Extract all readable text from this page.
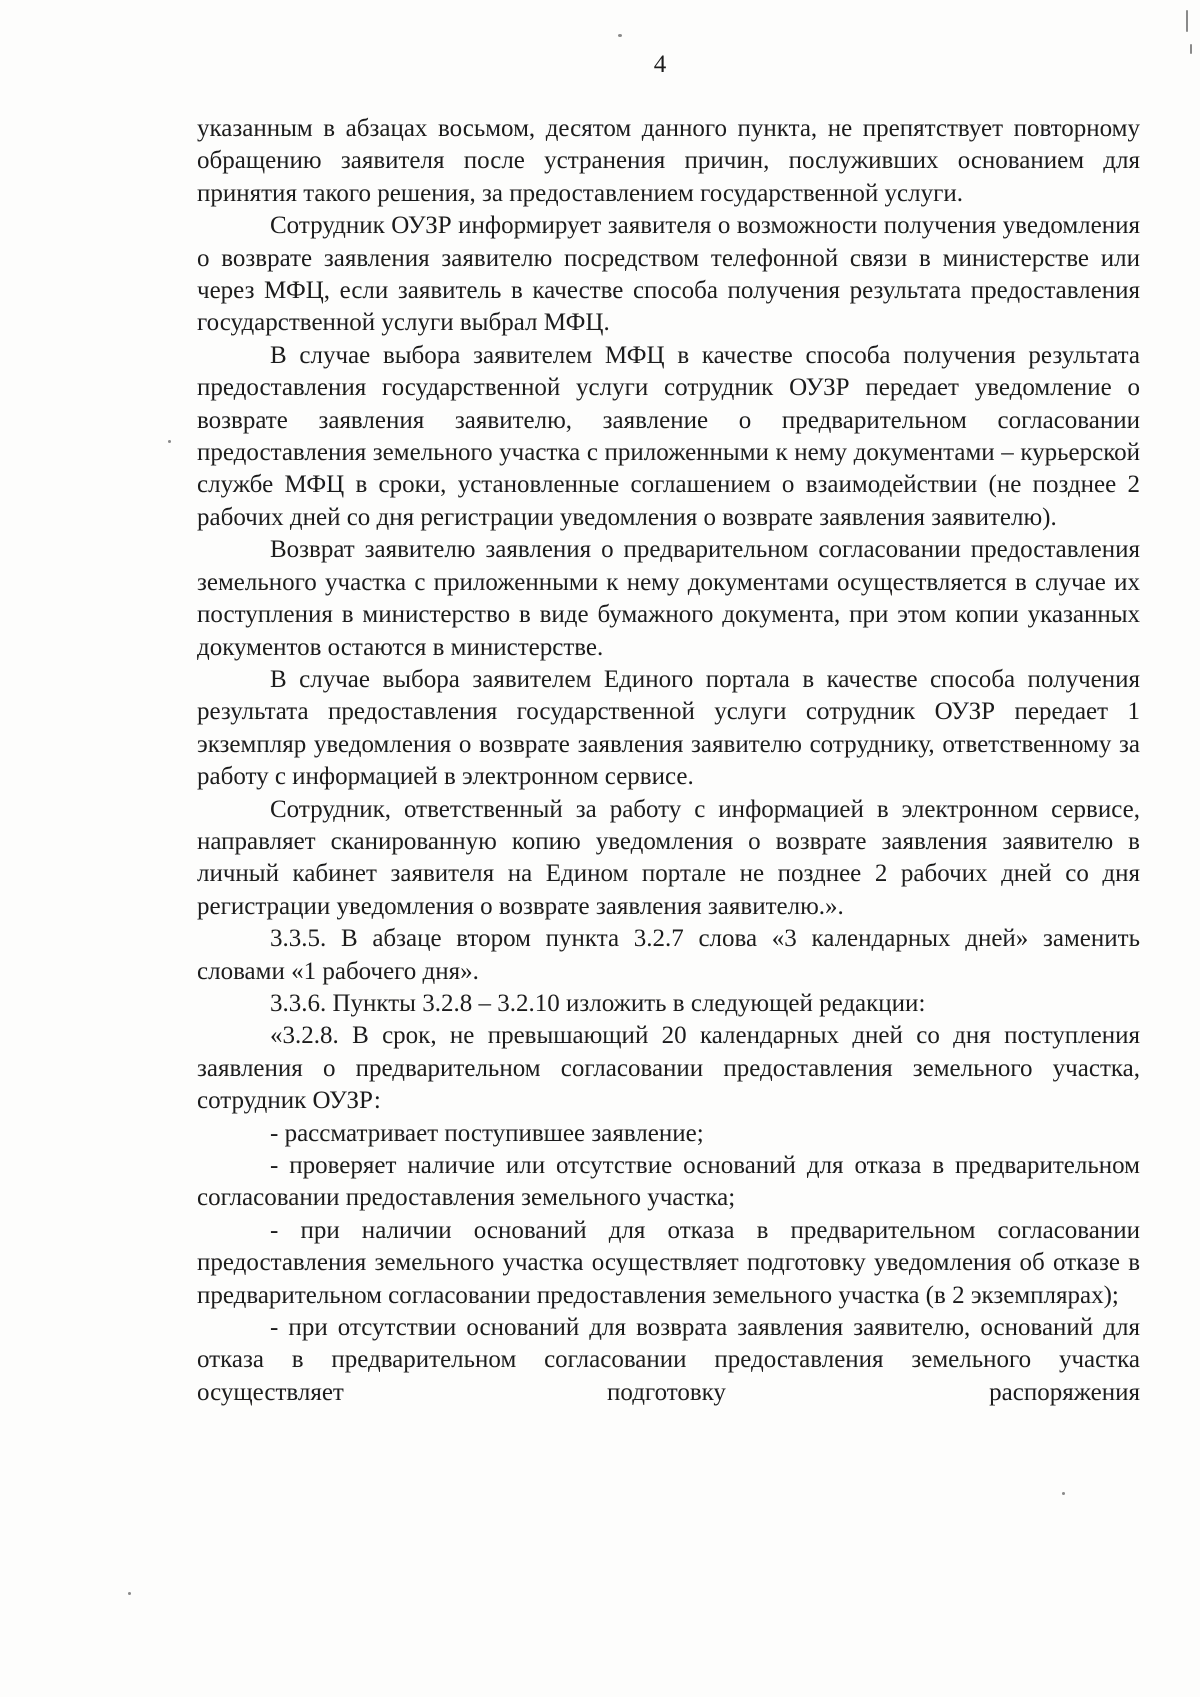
4

указанным в абзацах восьмом, десятом данного пункта, не препятствует повторному обращению заявителя после устранения причин, послуживших основанием для принятия такого решения, за предоставлением государственной услуги.

Сотрудник ОУЗР информирует заявителя о возможности получения уведомления о возврате заявления заявителю посредством телефонной связи в министерстве или через МФЦ, если заявитель в качестве способа получения результата предоставления государственной услуги выбрал МФЦ.

В случае выбора заявителем МФЦ в качестве способа получения результата предоставления государственной услуги сотрудник ОУЗР передает уведомление о возврате заявления заявителю, заявление о предварительном согласовании предоставления земельного участка с приложенными к нему документами – курьерской службе МФЦ в сроки, установленные соглашением о взаимодействии (не позднее 2 рабочих дней со дня регистрации уведомления о возврате заявления заявителю).

Возврат заявителю заявления о предварительном согласовании предоставления земельного участка с приложенными к нему документами осуществляется в случае их поступления в министерство в виде бумажного документа, при этом копии указанных документов остаются в министерстве.

В случае выбора заявителем Единого портала в качестве способа получения результата предоставления государственной услуги сотрудник ОУЗР передает 1 экземпляр уведомления о возврате заявления заявителю сотруднику, ответственному за работу с информацией в электронном сервисе.

Сотрудник, ответственный за работу с информацией в электронном сервисе, направляет сканированную копию уведомления о возврате заявления заявителю в личный кабинет заявителя на Едином портале не позднее 2 рабочих дней со дня регистрации уведомления о возврате заявления заявителю.».

3.3.5. В абзаце втором пункта 3.2.7 слова «3 календарных дней» заменить словами «1 рабочего дня».

3.3.6. Пункты 3.2.8 – 3.2.10 изложить в следующей редакции:

«3.2.8. В срок, не превышающий 20 календарных дней со дня поступления заявления о предварительном согласовании предоставления земельного участка, сотрудник ОУЗР:

- рассматривает поступившее заявление;

- проверяет наличие или отсутствие оснований для отказа в предварительном согласовании предоставления земельного участка;

- при наличии оснований для отказа в предварительном согласовании предоставления земельного участка осуществляет подготовку уведомления об отказе в предварительном согласовании предоставления земельного участка (в 2 экземплярах);

- при отсутствии оснований для возврата заявления заявителю, оснований для отказа в предварительном согласовании предоставления земельного участка осуществляет подготовку распоряжения
